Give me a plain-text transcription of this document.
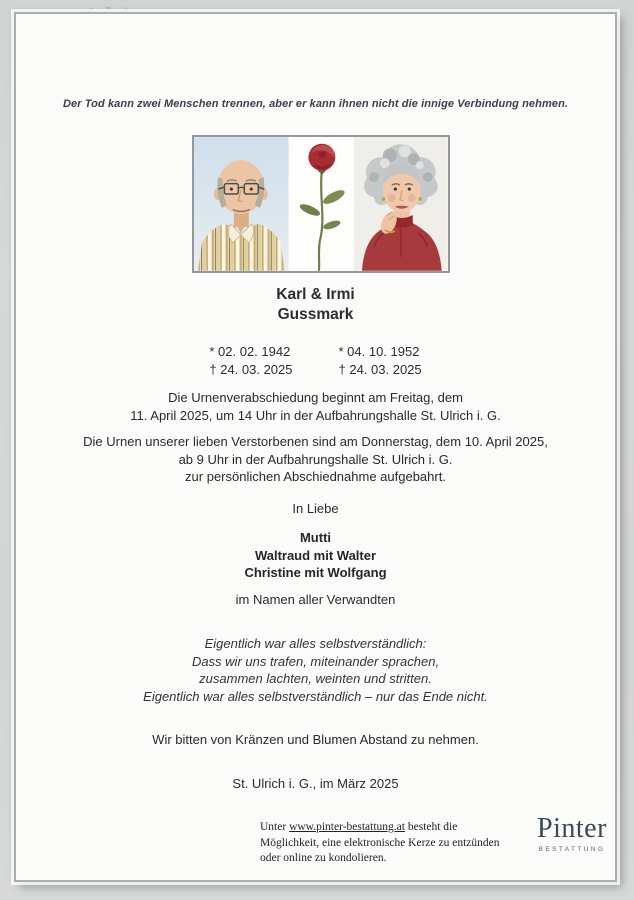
Der Tod kann zwei Menschen trennen, aber er kann ihnen nicht die innige Verbindung nehmen.
Karl & Irmi
Gussmark
* 02. 02. 1942
† 24. 03. 2025
* 04. 10. 1952
† 24. 03. 2025
Die Urnenverabschiedung beginnt am Freitag, dem
11. April 2025, um 14 Uhr in der Aufbahrungshalle St. Ulrich i. G.
Die Urnen unserer lieben Verstorbenen sind am Donnerstag, dem 10. April 2025,
ab 9 Uhr in der Aufbahrungshalle St. Ulrich i. G.
zur persönlichen Abschiednahme aufgebahrt.
In Liebe
Mutti
Waltraud mit Walter
Christine mit Wolfgang
im Namen aller Verwandten
Eigentlich war alles selbstverständlich:
Dass wir uns trafen, miteinander sprachen,
zusammen lachten, weinten und stritten.
Eigentlich war alles selbstverständlich – nur das Ende nicht.
Wir bitten von Kränzen und Blumen Abstand zu nehmen.
St. Ulrich i. G., im März 2025

Unter www.pinter-bestattung.at besteht die Möglichkeit, eine elektronische Kerze zu entzünden oder online zu kondolieren.

Pinter
BESTATTUNG
